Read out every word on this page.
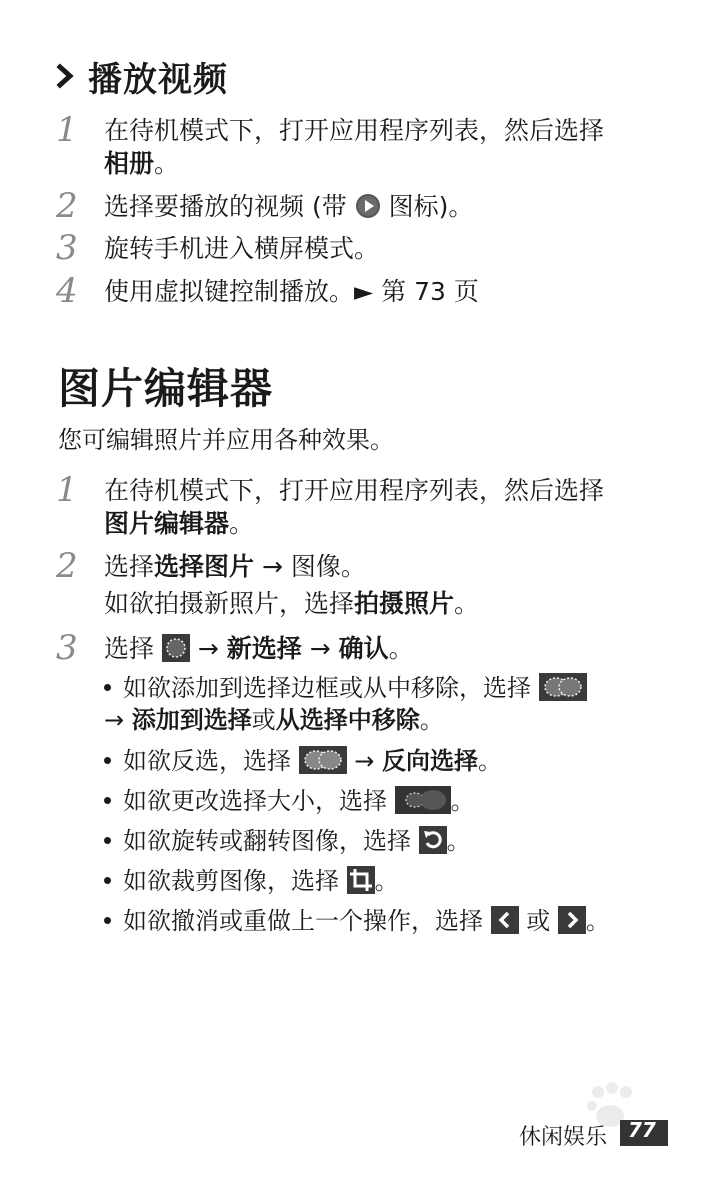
播放视频
1 在待机模式下，打开应用程序列表，然后选择
相册。
2 选择要播放的视频 (带
图标)。
3 旋转手机进入横屏模式。
4 使用虚拟键控制播放。► 第 73 页
图片编辑器
您可编辑照片并应用各种效果。
1 在待机模式下，打开应用程序列表，然后选择
图片编辑器。
2 选择选择图片 → 图像。
如欲拍摄新照片，选择拍摄照片。
3 选择
→ 新选择 → 确认。
如欲添加到选择边框或从中移除，选择
→ 添加到选择或从选择中移除。
如欲反选，选择
→ 反向选择。
如欲更改选择大小，选择
。
如欲旋转或翻转图像，选择
。
如欲裁剪图像，选择
。
如欲撤消或重做上一个操作，选择
或
。
休闲娱乐 77
